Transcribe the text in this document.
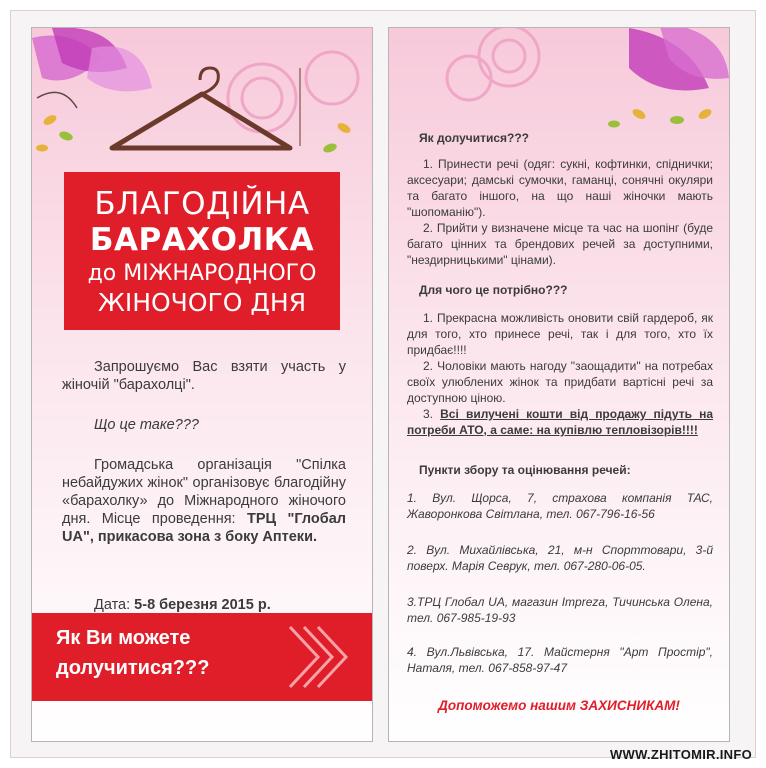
БЛАГОДІЙНА
БАРАХОЛКА
до МІЖНАРОДНОГО
ЖІНОЧОГО ДНЯ
Запрошуємо Вас взяти участь у жіночій "барахолці".
Що це таке???
Громадська організація "Спілка небайдужих жінок" організовує благодійну «барахолку» до Міжнародного жіночого дня. Місце проведення: ТРЦ "Глобал UA", прикасова зона з боку Аптеки.
Дата: 5-8 березня 2015 р.
Як Ви можете
долучитися???
Як долучитися???

1. Принести речі (одяг: сукні, кофтинки, спіднички; аксесуари; дамські сумочки, гаманці, сонячні окуляри та багато іншого, на що наші жіночки мають "шопоманію").

2. Прийти у визначене місце та час на шопінг (буде багато цінних та брендових речей за доступними, "нездирницькими" цінами).

Для чого це потрібно???

1. Прекрасна можливість оновити свій гардероб, як для того, хто принесе речі, так і для того, хто їх придбає!!!!

2. Чоловіки мають нагоду "заощадити" на потребах своїх улюблених жінок та придбати вартісні речі за доступною ціною.

3. Всі вилучені кошти від продажу підуть на потреби АТО, а саме: на купівлю тепловізорів!!!!

Пункти збору та оцінювання речей:
1. Вул. Щорса, 7, страхова компанія ТАС, Жаворонкова Світлана, тел. 067-796-16-56
2. Вул. Михайлівська, 21, м-н Спорттовари, 3-й поверх. Марія Севрук, тел. 067-280-06-05.
3.ТРЦ Глобал UA, магазин Impreza, Тичинська Олена, тел. 067-985-19-93
4. Вул.Львівська, 17. Майстерня "Арт Простір", Наталя, тел. 067-858-97-47
Допоможемо нашим ЗАХИСНИКАМ!
WWW.ZHITOMIR.INFO
